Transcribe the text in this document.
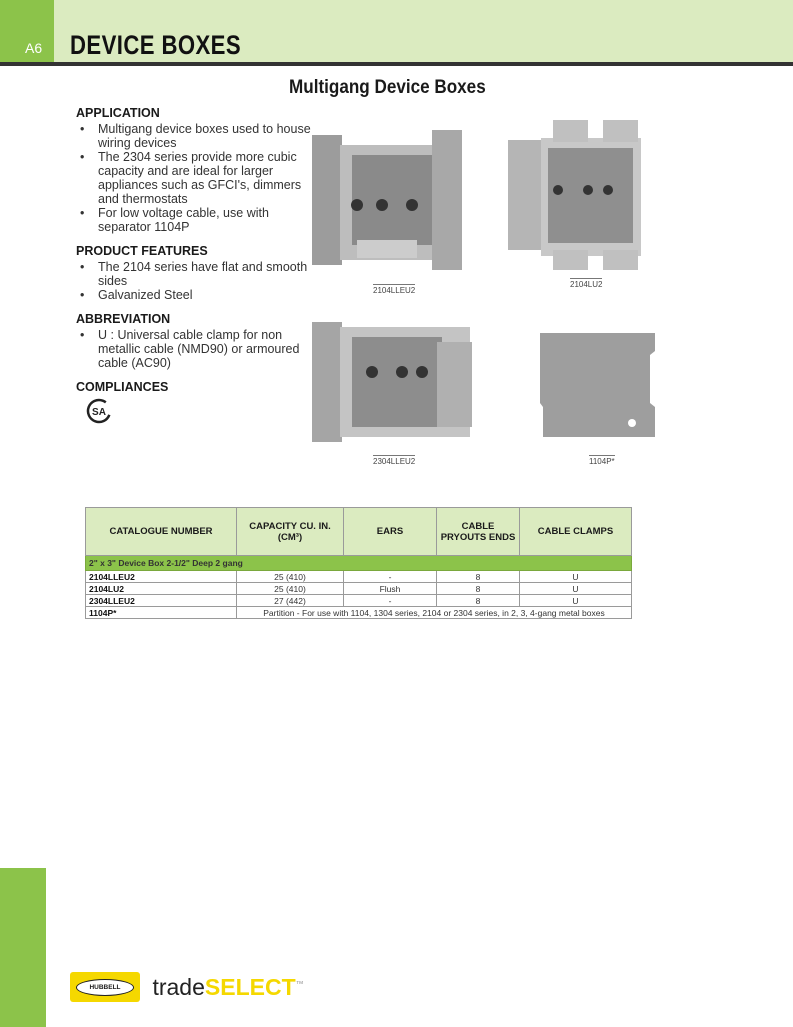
A6 DEVICE BOXES
Multigang Device Boxes
APPLICATION
• Multigang device boxes used to house wiring devices
• The 2304 series provide more cubic capacity and are ideal for larger appliances such as GFCI's, dimmers and thermostats
• For low voltage cable, use with separator 1104P
PRODUCT FEATURES
• The 2104 series have flat and smooth sides
• Galvanized Steel
ABBREVIATION
• U : Universal cable clamp for non metallic cable (NMD90) or armoured cable (AC90)
COMPLIANCES
SA
2104LLEU2
2104LU2
2304LLEU2	1104P*
CATALOGUE NUMBER	CAPACITY CU. IN. (CM³)	EARS	CABLE PRYOUTS ENDS	CABLE CLAMPS
2" x 3" Device Box 2-1/2" Deep 2 gang				
2104LLEU2	25 (410)	-	8	U
2104LU2	25 (410)	Flush	8	U
2304LLEU2	27 (442)	-	8	U
1104P*	Partition - For use with 1104, 1304 series, 2104 or 2304 series, in 2, 3, 4-gang metal boxes			
HUBBELL	tradeSELECT™
